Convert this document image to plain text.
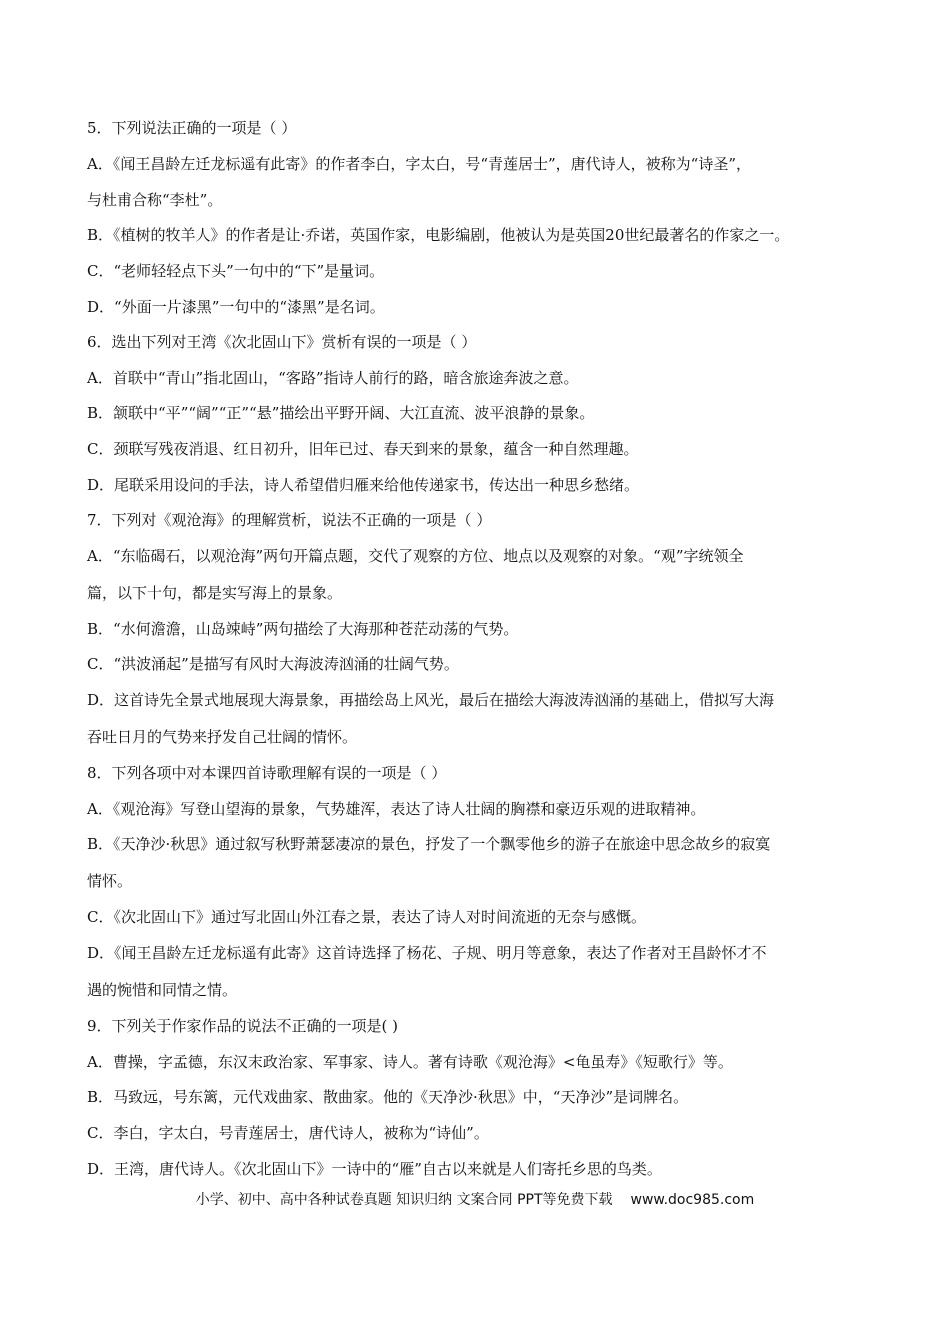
5．下列说法正确的一项是（ ）
A．《闻王昌龄左迁龙标遥有此寄》的作者李白，字太白，号“青莲居士”，唐代诗人，被称为“诗圣”，
与杜甫合称“李杜”。
B．《植树的牧羊人》的作者是让·乔诺，英国作家，电影编剧，他被认为是英国20世纪最著名的作家之一。
C．“老师轻轻点下头”一句中的“下”是量词。
D．“外面一片漆黑”一句中的“漆黑”是名词。
6．选出下列对王湾《次北固山下》赏析有误的一项是（ ）
A．首联中“青山”指北固山，“客路”指诗人前行的路，暗含旅途奔波之意。
B．颔联中“平”“阔”“正”“悬”描绘出平野开阔、大江直流、波平浪静的景象。
C．颈联写残夜消退、红日初升，旧年已过、春天到来的景象，蕴含一种自然理趣。
D．尾联采用设问的手法，诗人希望借归雁来给他传递家书，传达出一种思乡愁绪。
7．下列对《观沧海》的理解赏析，说法不正确的一项是（ ）
A．“东临碣石，以观沧海”两句开篇点题，交代了观察的方位、地点以及观察的对象。“观”字统领全
篇，以下十句，都是实写海上的景象。
B．“水何澹澹，山岛竦峙”两句描绘了大海那种苍茫动荡的气势。
C．“洪波涌起”是描写有风时大海波涛汹涌的壮阔气势。
D．这首诗先全景式地展现大海景象，再描绘岛上风光，最后在描绘大海波涛汹涌的基础上，借拟写大海
吞吐日月的气势来抒发自己壮阔的情怀。
8．下列各项中对本课四首诗歌理解有误的一项是（ ）
A．《观沧海》写登山望海的景象，气势雄浑，表达了诗人壮阔的胸襟和豪迈乐观的进取精神。
B．《天净沙·秋思》通过叙写秋野萧瑟凄凉的景色，抒发了一个飘零他乡的游子在旅途中思念故乡的寂寞
情怀。
C．《次北固山下》通过写北固山外江春之景，表达了诗人对时间流逝的无奈与感慨。
D．《闻王昌龄左迁龙标遥有此寄》这首诗选择了杨花、子规、明月等意象，表达了作者对王昌龄怀才不
遇的惋惜和同情之情。
9．下列关于作家作品的说法不正确的一项是( )
A．曹操，字孟德，东汉末政治家、军事家、诗人。著有诗歌《观沧海》<龟虽寿》《短歌行》等。
B．马致远，号东篱，元代戏曲家、散曲家。他的《天净沙·秋思》中，“天净沙”是词牌名。
C．李白，字太白，号青莲居士，唐代诗人，被称为“诗仙”。
D．王湾，唐代诗人。《次北固山下》一诗中的“雁”自古以来就是人们寄托乡思的鸟类。
小学、初中、高中各种试卷真题 知识归纳 文案合同 PPT等免费下载 www.doc985.com
